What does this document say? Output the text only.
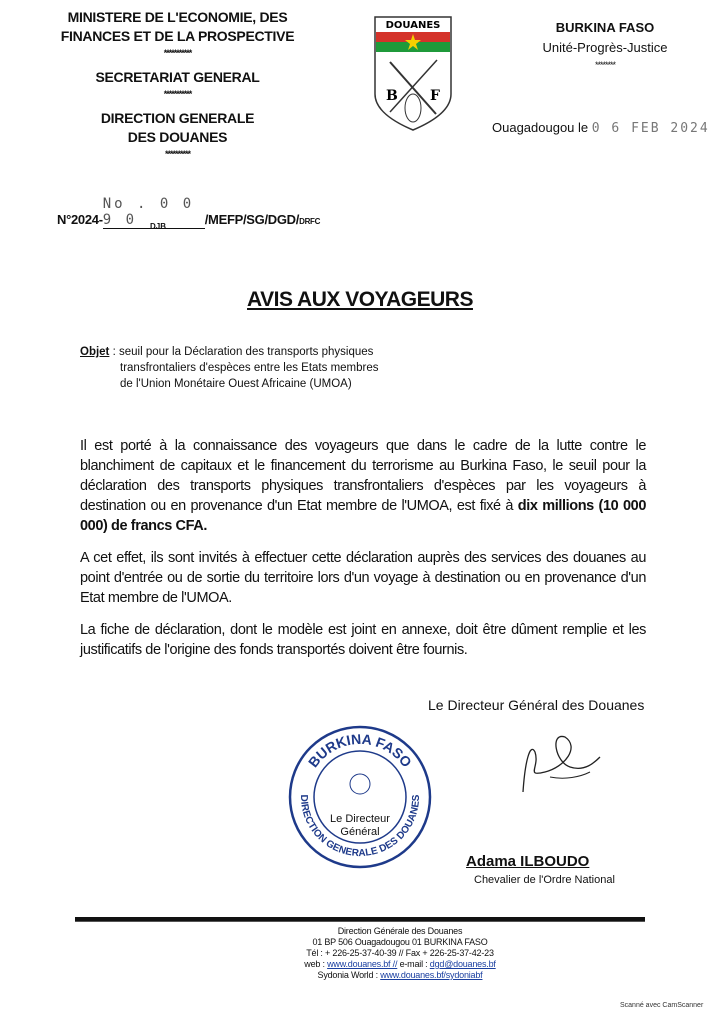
MINISTERE DE L'ECONOMIE, DES FINANCES ET DE LA PROSPECTIVE
***********
SECRETARIAT GENERAL
***********
DIRECTION GENERALE
DES DOUANES
**********
DOUANES
B F
BURKINA FASO
Unité-Progrès-Justice
********
Ouagadougou le 0 6 FEB 2024
N°2024-No . 0 0 9 0	/MEFP/SG/DGD/DRFC
DJB
AVIS AUX VOYAGEURS
Objet : seuil pour la Déclaration des transports physiques
transfrontaliers d'espèces entre les Etats membres
de l'Union Monétaire Ouest Africaine (UMOA)

Il est porté à la connaissance des voyageurs que dans le cadre de la lutte contre le blanchiment de capitaux et le financement du terrorisme au Burkina Faso, le seuil pour la déclaration des transports physiques transfrontaliers d'espèces par les voyageurs à destination ou en provenance d'un Etat membre de l'UMOA, est fixé à dix millions (10 000 000) de francs CFA.

A cet effet, ils sont invités à effectuer cette déclaration auprès des services des douanes au point d'entrée ou de sortie du territoire lors d'un voyage à destination ou en provenance d'un Etat membre de l'UMOA.

La fiche de déclaration, dont le modèle est joint en annexe, doit être dûment remplie et les justificatifs de l'origine des fonds transportés doivent être fournis.

Le Directeur Général des Douanes
BURKINA FASO
DIRECTION GENERALE DES DOUANES
Le Directeur
Général
Adama ILBOUDO
Chevalier de l'Ordre National
Direction Générale des Douanes
01 BP 506 Ouagadougou 01 BURKINA FASO
Tél : + 226-25-37-40-39 // Fax + 226-25-37-42-23
web : www.douanes.bf // e-mail : dgd@douanes.bf
Sydonia World : www.douanes.bf/sydoniabf
Scanné avec CamScanner
